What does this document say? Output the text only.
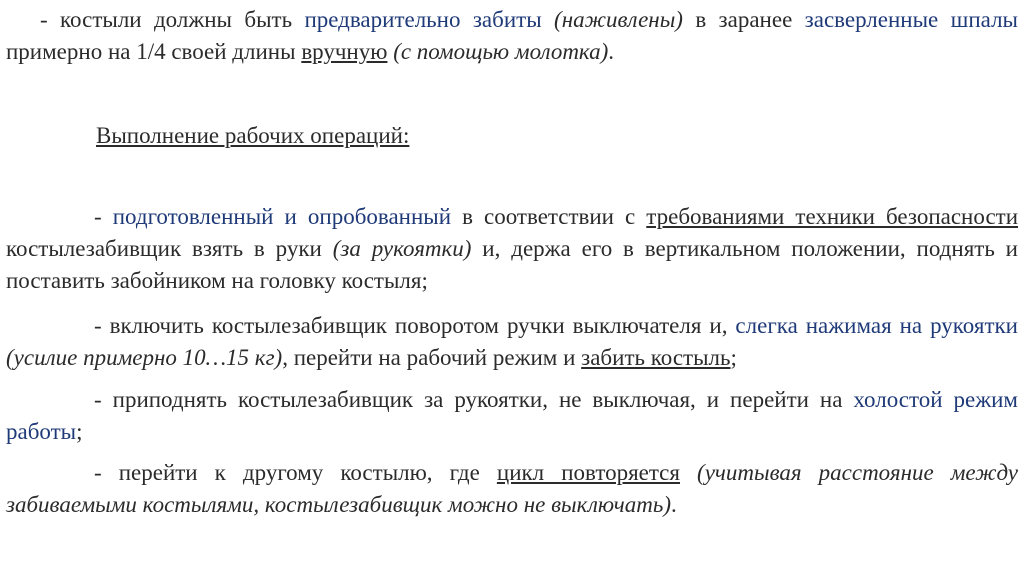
- костыли должны быть предварительно забиты (наживлены) в заранее засверленные шпалы примерно на 1/4 своей длины вручную (с помощью молотка).

Выполнение рабочих операций:

- подготовленный и опробованный в соответствии с требованиями техники безопасности костылезабивщик взять в руки (за рукоятки) и, держа его в вертикальном положении, поднять и поставить забойником на головку костыля;

- включить костылезабивщик поворотом ручки выключателя и, слегка нажимая на рукоятки (усилие примерно 10…15 кг), перейти на рабочий режим и забить костыль;

- приподнять костылезабивщик за рукоятки, не выключая, и перейти на холостой режим работы;

- перейти к другому костылю, где цикл повторяется (учитывая расстояние между забиваемыми костылями, костылезабивщик можно не выключать).
